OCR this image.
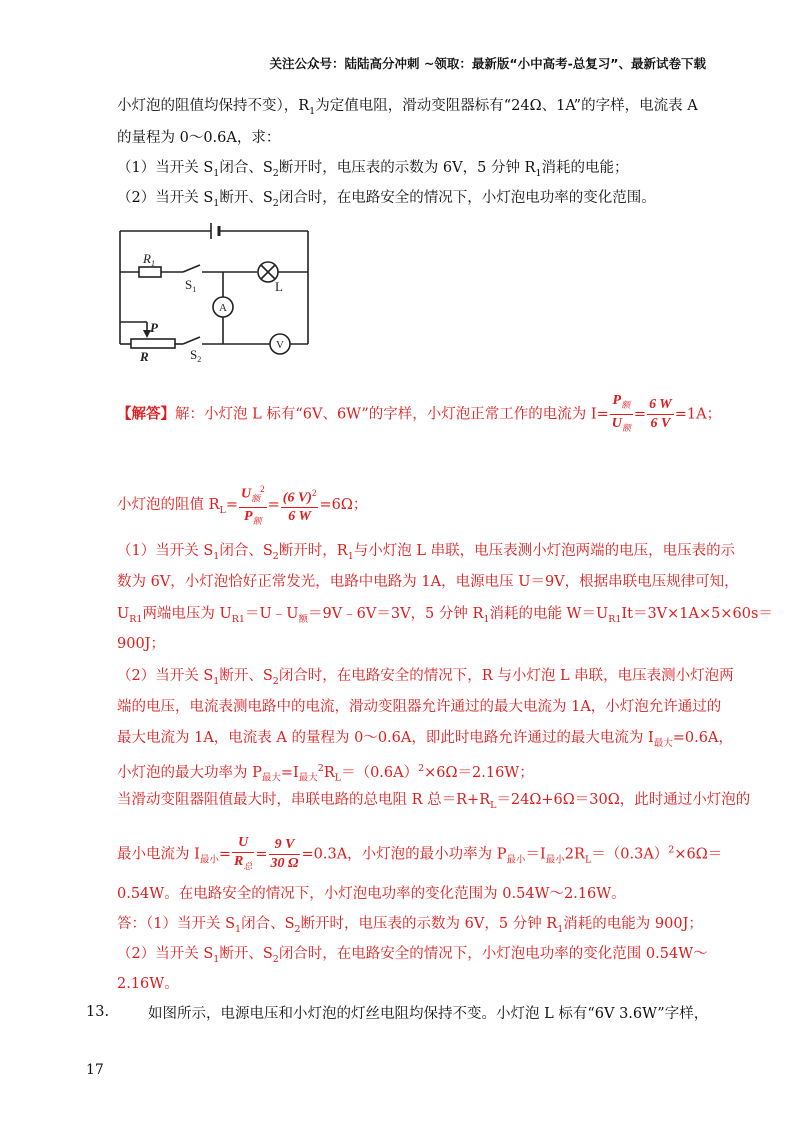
关注公众号：陆陆高分冲刺 ~领取：最新版“小中高考-总复习”、最新试卷下载
小灯泡的阻值均保持不变），$R_1$为定值电阻，滑动变阻器标有“24Ω、1A”的字样，电流表 A
的量程为 0～0.6A，求：
（1）当开关 $S_1$闭合、$S_2$断开时，电压表的示数为 6V，5 分钟 $R_1$消耗的电能；
（2）当开关 $S_1$断开、$S_2$闭合时，在电路安全的情况下，小灯泡电功率的变化范围。
$R_1$
$S_1$	L
A
V
P
R	$S_2$
【解答】解：小灯泡 L 标有“6V、6W”的字样，小灯泡正常工作的电流为 $I= \frac{P_额}{U_额} = \frac{6 W}{6 V} =1A$；
小灯泡的阻值 $R_L= \frac{U_额^2}{P_额} = \frac{(6 V)^2}{6 W} =6\Omega$；
（1）当开关 $S_1$闭合、$S_2$断开时，$R_1$与小灯泡 L 串联，电压表测小灯泡两端的电压，电压表的示
数为 6V，小灯泡恰好正常发光，电路中电路为 1A，电源电压 U＝9V，根据串联电压规律可知，
$U_{R1}$两端电压为 $U_{R1}=U﹣U_额=9V﹣6V=3V$，5 分钟 $R_1$消耗的电能 $W=U_{R1}It=3V\times 1A\times 5\times 60s=$
900J；
（2）当开关 $S_1$断开、$S_2$闭合时，在电路安全的情况下，R 与小灯泡 L 串联，电压表测小灯泡两
端的电压，电流表测电路中的电流，滑动变阻器允许通过的最大电流为 1A，小灯泡允许通过的
最大电流为 1A，电流表 A 的量程为 0～0.6A，即此时电路允许通过的最大电流为 $I_{最大}=0.6A$，
小灯泡的最大功率为 $P_{最大}=I_{最大}^2R_L=(0.6A)^2\times 6\Omega=2.16W$；
当滑动变阻器阻值最大时，串联电路的总电阻 R 总$=R+R_L=24\Omega+6\Omega=30\Omega$，此时通过小灯泡的
最小电流为 $I_{最小}= \frac{U}{R_总} = \frac{9 V}{30 \Omega} =0.3A$，小灯泡的最小功率为 $P_{最小}=I_{最小}2R_L=(0.3A)^2\times 6\Omega=$
0.54W。在电路安全的情况下，小灯泡电功率的变化范围为 0.54W～2.16W。
答：（1）当开关 $S_1$闭合、$S_2$断开时，电压表的示数为 6V，5 分钟 $R_1$消耗的电能为 900J；
（2）当开关 $S_1$断开、$S_2$闭合时，在电路安全的情况下，小灯泡电功率的变化范围 0.54W～
2.16W。
13.	如图所示，电源电压和小灯泡的灯丝电阻均保持不变。小灯泡 L 标有“6V 3.6W”字样，
17
